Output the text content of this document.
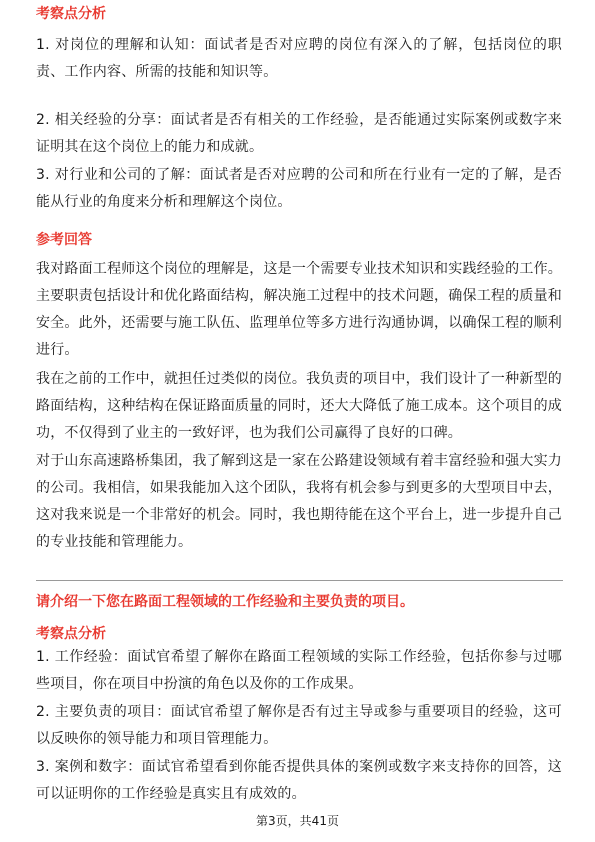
考察点分析

1. 对岗位的理解和认知：面试者是否对应聘的岗位有深入的了解，包括岗位的职责、工作内容、所需的技能和知识等。

2. 相关经验的分享：面试者是否有相关的工作经验，是否能通过实际案例或数字来证明其在这个岗位上的能力和成就。

3. 对行业和公司的了解：面试者是否对应聘的公司和所在行业有一定的了解，是否能从行业的角度来分析和理解这个岗位。

参考回答

我对路面工程师这个岗位的理解是，这是一个需要专业技术知识和实践经验的工作。主要职责包括设计和优化路面结构，解决施工过程中的技术问题，确保工程的质量和安全。此外，还需要与施工队伍、监理单位等多方进行沟通协调，以确保工程的顺利进行。

我在之前的工作中，就担任过类似的岗位。我负责的项目中，我们设计了一种新型的路面结构，这种结构在保证路面质量的同时，还大大降低了施工成本。这个项目的成功，不仅得到了业主的一致好评，也为我们公司赢得了良好的口碑。

对于山东高速路桥集团，我了解到这是一家在公路建设领域有着丰富经验和强大实力的公司。我相信，如果我能加入这个团队，我将有机会参与到更多的大型项目中去，这对我来说是一个非常好的机会。同时，我也期待能在这个平台上，进一步提升自己的专业技能和管理能力。

请介绍一下您在路面工程领域的工作经验和主要负责的项目。
考察点分析

1. 工作经验：面试官希望了解你在路面工程领域的实际工作经验，包括你参与过哪些项目，你在项目中扮演的角色以及你的工作成果。

2. 主要负责的项目：面试官希望了解你是否有过主导或参与重要项目的经验，这可以反映你的领导能力和项目管理能力。

3. 案例和数字：面试官希望看到你能否提供具体的案例或数字来支持你的回答，这可以证明你的工作经验是真实且有成效的。

第3页，共41页
